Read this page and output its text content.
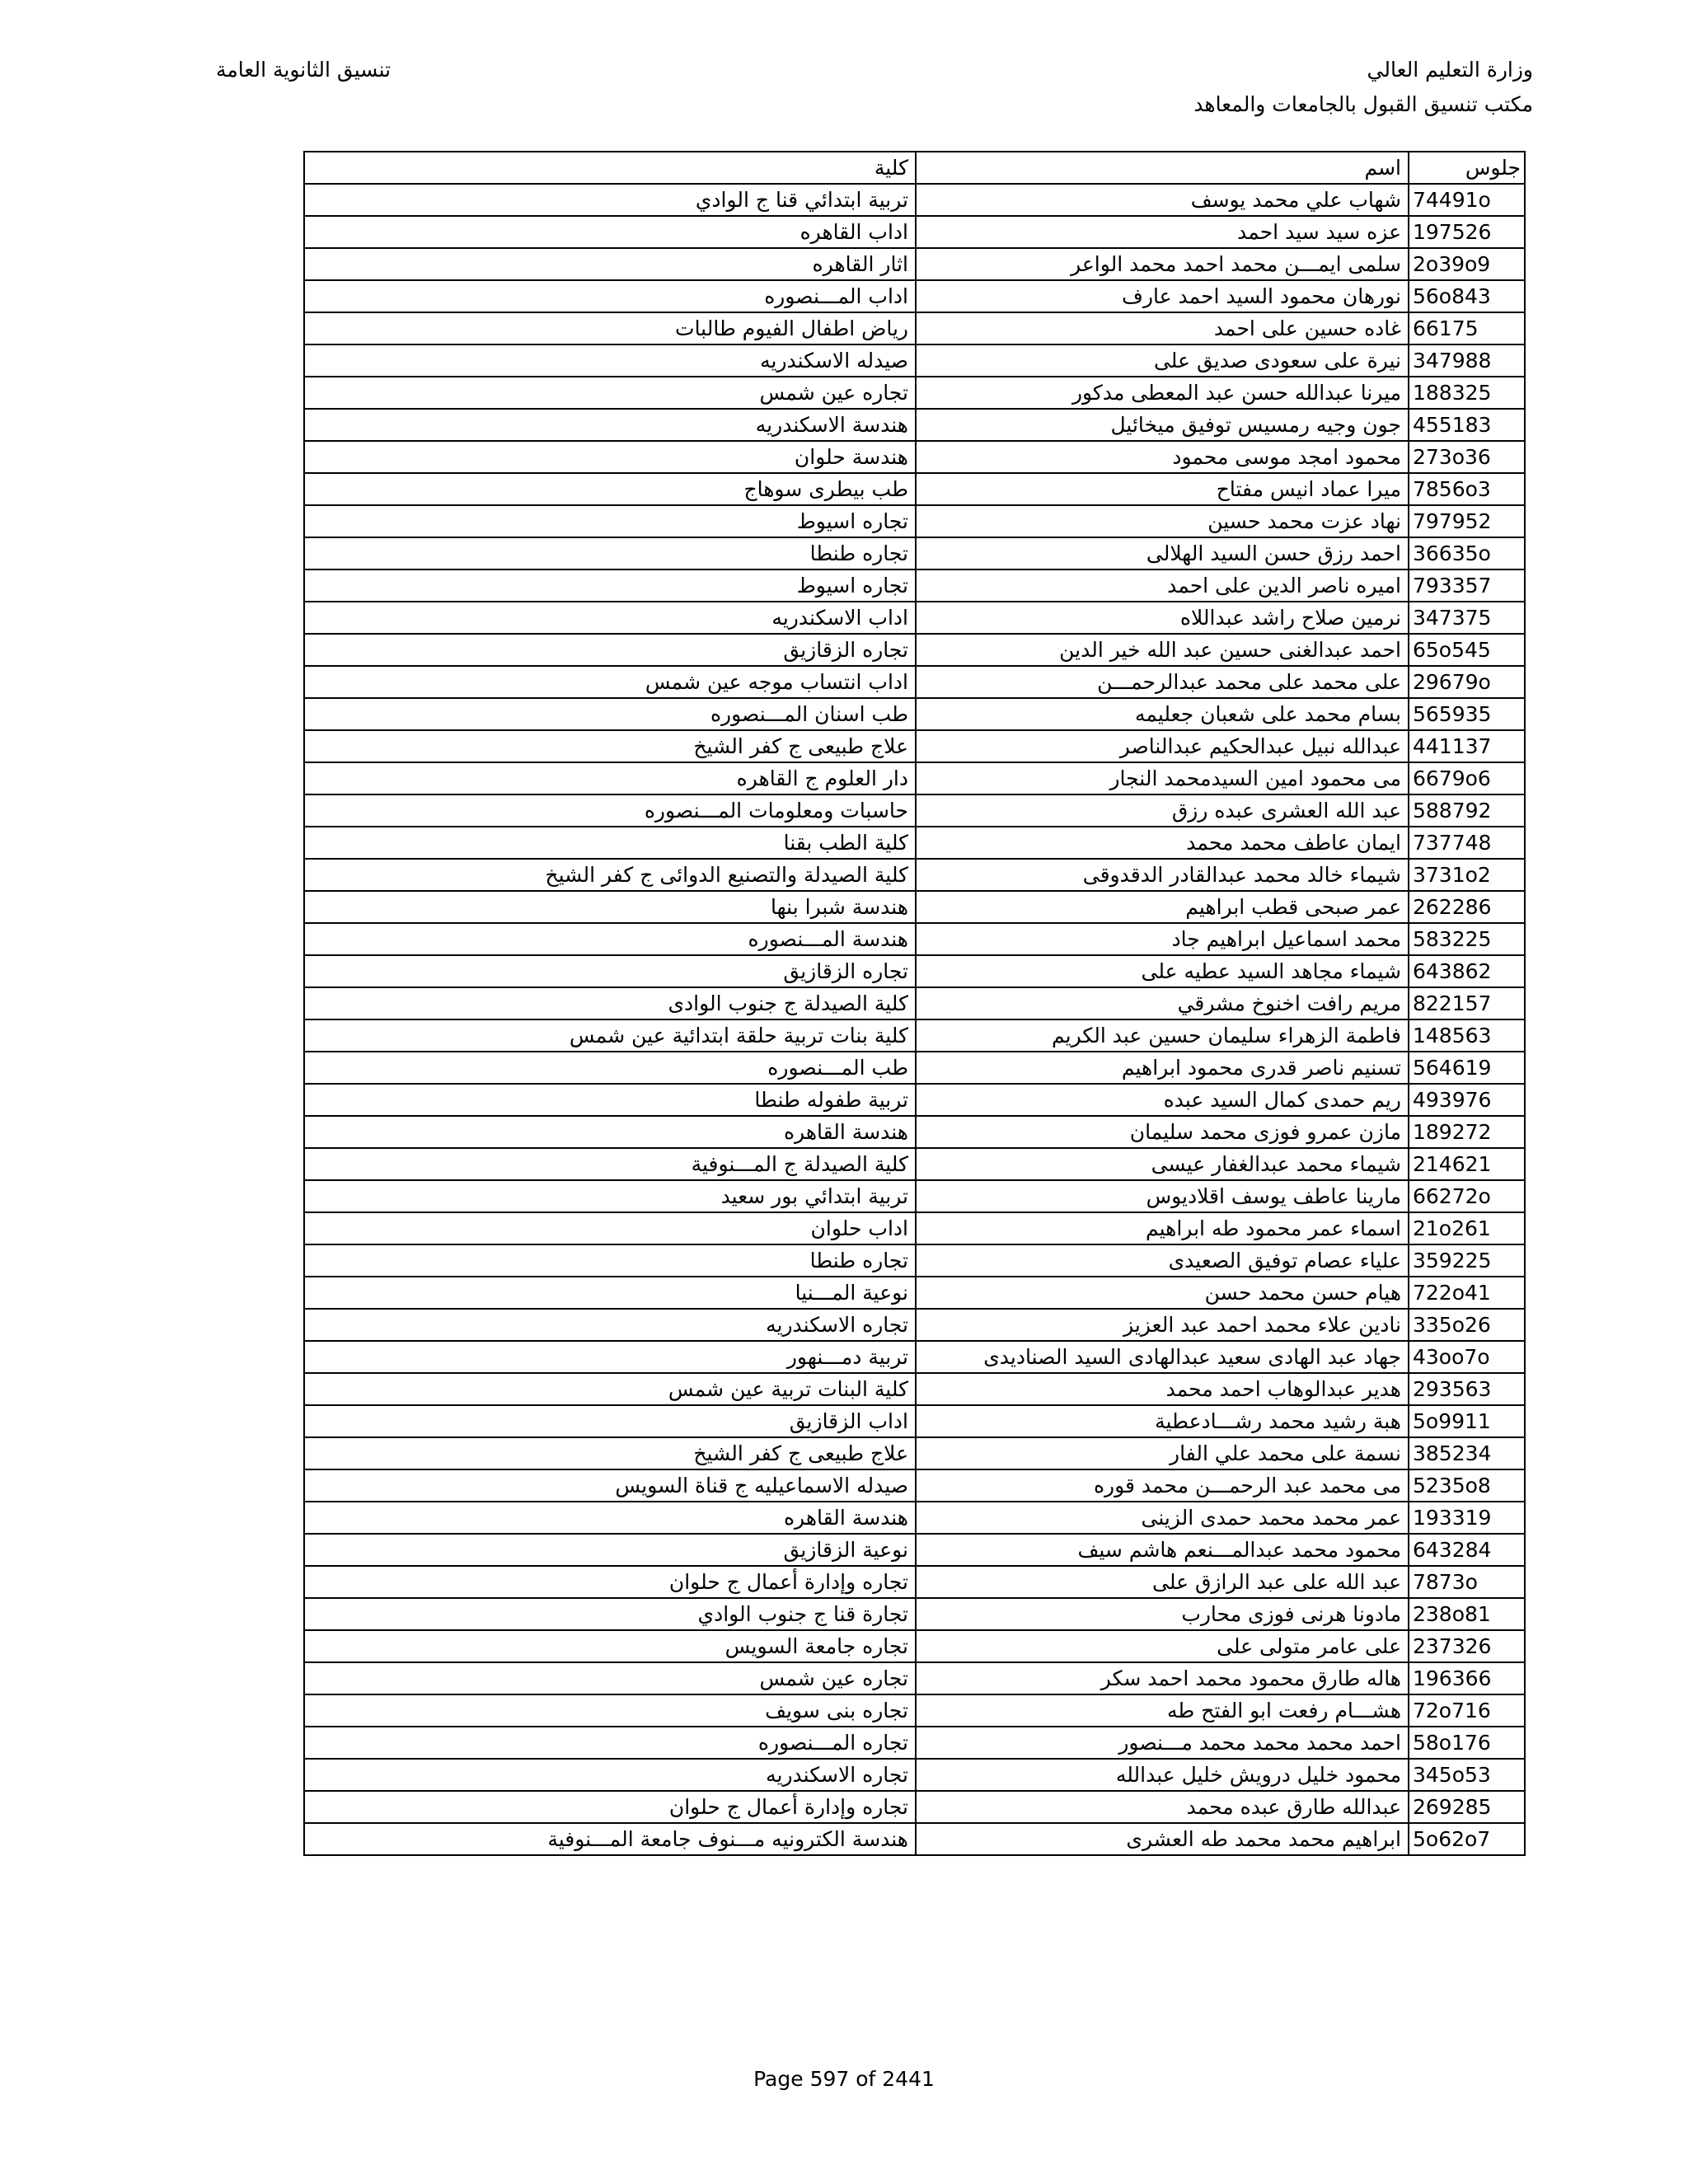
وزارة التعليم العالي
مكتب تنسيق القبول بالجامعات والمعاهد
تنسيق الثانوية العامة
جلوس	اسم	كلية
74491o	شهاب علي محمد يوسف	تربية ابتدائي قنا ج الوادي
197526	عزه سيد سيد احمد	اداب القاهره
2o39o9	سلمى ايمـــن محمد احمد محمد الواعر	اثار القاهره
56o843	نورهان محمود السيد احمد عارف	اداب المـــنصوره
66175	غاده حسين على احمد	رياض اطفال الفيوم طالبات
347988	نيرة على سعودى صديق على	صيدله الاسكندريه
188325	ميرنا عبدالله حسن عبد المعطى مدكور	تجاره عين شمس
455183	جون وجيه رمسيس توفيق ميخائيل	هندسة الاسكندريه
273o36	محمود امجد موسى محمود	هندسة حلوان
7856o3	ميرا عماد انيس مفتاح	طب بيطرى سوهاج
797952	نهاد عزت محمد حسين	تجاره اسيوط
36635o	احمد رزق حسن السيد الهلالى	تجاره طنطا
793357	اميره ناصر الدين على احمد	تجاره اسيوط
347375	نرمين صلاح راشد عبداللاه	اداب الاسكندريه
65o545	احمد عبدالغنى حسين عبد الله خير الدين	تجاره الزقازيق
29679o	على محمد على محمد عبدالرحمـــن	اداب انتساب موجه عين شمس
565935	بسام محمد على شعبان جعليمه	طب اسنان المـــنصوره
441137	عبدالله نبيل عبدالحكيم عبدالناصر	علاج طبيعى ج كفر الشيخ
6679o6	مى محمود امين السيدمحمد النجار	دار العلوم ج القاهره
588792	عبد الله العشرى عبده رزق	حاسبات ومعلومات المـــنصوره
737748	ايمان عاطف محمد محمد	كلية الطب بقنا
3731o2	شيماء خالد محمد عبدالقادر الدقدوقى	كلية الصيدلة والتصنيع الدوائى ج كفر الشيخ
262286	عمر صبحى قطب ابراهيم	هندسة شبرا بنها
583225	محمد اسماعيل ابراهيم جاد	هندسة المـــنصوره
643862	شيماء مجاهد السيد عطيه على	تجاره الزقازيق
822157	مريم رافت اخنوخ مشرقي	كلية الصيدلة ج جنوب الوادى
148563	فاطمة الزهراء سليمان حسين عبد الكريم	كلية بنات تربية حلقة ابتدائية عين شمس
564619	تسنيم ناصر قدرى محمود ابراهيم	طب المـــنصوره
493976	ريم حمدى كمال السيد عبده	تربية طفوله طنطا
189272	مازن عمرو فوزى محمد سليمان	هندسة القاهره
214621	شيماء محمد عبدالغفار عيسى	كلية الصيدلة ج المـــنوفية
66272o	مارينا عاطف يوسف اقلاديوس	تربية ابتدائي بور سعيد
21o261	اسماء عمر محمود طه ابراهيم	اداب حلوان
359225	علياء عصام توفيق الصعيدى	تجاره طنطا
722o41	هيام حسن محمد حسن	نوعية المـــنيا
335o26	نادين علاء محمد احمد عبد العزيز	تجاره الاسكندريه
43oo7o	جهاد عبد الهادى سعيد عبدالهادى السيد الصناديدى	تربية دمـــنهور
293563	هدير عبدالوهاب احمد محمد	كلية البنات تربية عين شمس
5o9911	هبة رشيد محمد رشـــادعطية	اداب الزقازيق
385234	نسمة على محمد علي الفار	علاج طبيعى ج كفر الشيخ
5235o8	مى محمد عبد الرحمـــن محمد قوره	صيدله الاسماعيليه ج قناة السويس
193319	عمر محمد محمد حمدى الزينى	هندسة القاهره
643284	محمود محمد عبدالمـــنعم هاشم سيف	نوعية الزقازيق
7873o	عبد الله على عبد الرازق على	تجاره وإدارة أعمال ج حلوان
238o81	مادونا هرنى فوزى محارب	تجارة قنا ج جنوب الوادي
237326	على عامر متولى على	تجاره جامعة السويس
196366	هاله طارق محمود محمد احمد سكر	تجاره عين شمس
72o716	هشـــام رفعت ابو الفتح طه	تجاره بنى سويف
58o176	احمد محمد محمد محمد مـــنصور	تجاره المـــنصوره
345o53	محمود خليل درويش خليل عبدالله	تجاره الاسكندريه
269285	عبدالله طارق عبده محمد	تجاره وإدارة أعمال ج حلوان
5o62o7	ابراهيم محمد محمد طه العشرى	هندسة الكترونيه مـــنوف جامعة المـــنوفية
Page 597 of 2441
